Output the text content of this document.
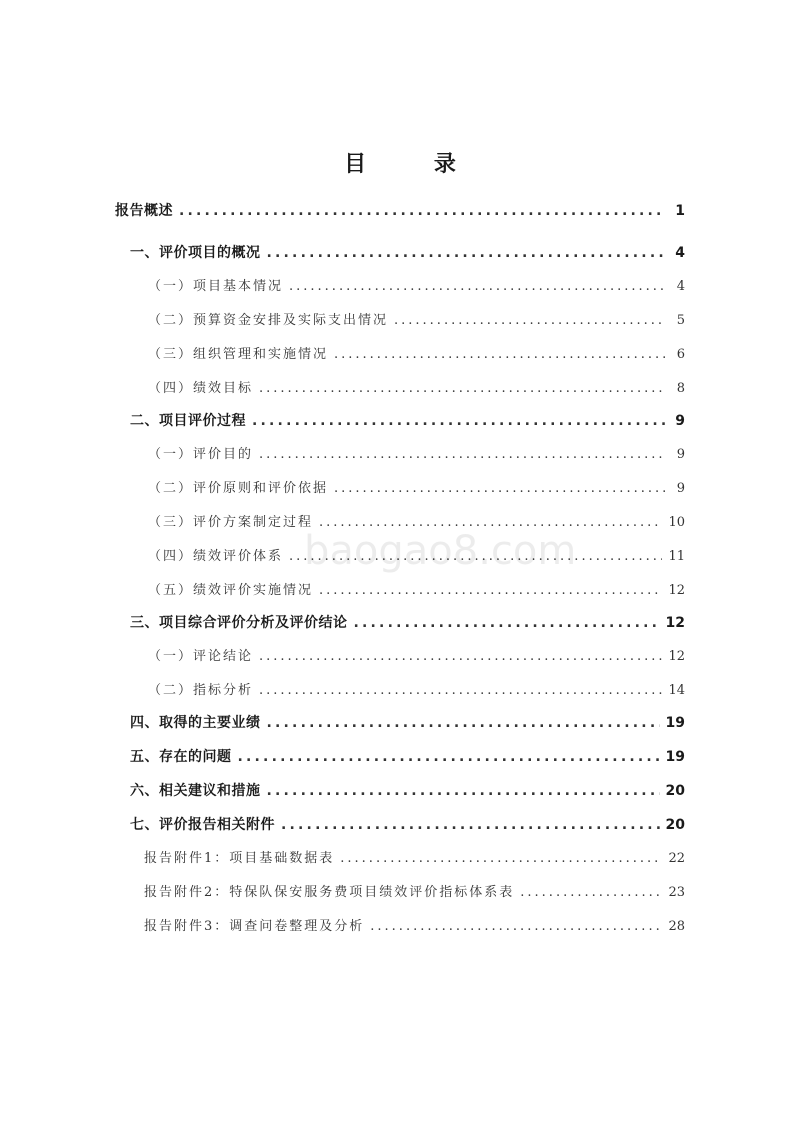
目 录
报告概述 .....	1
一、评价项目的概况 .....	4
（一）项目基本情况 .....	4
（二）预算资金安排及实际支出情况 .....	5
（三）组织管理和实施情况 .....	6
（四）绩效目标 .....	8
二、项目评价过程 .....	9
（一）评价目的 .....	9
（二）评价原则和评价依据 .....	9
（三）评价方案制定过程 .....	10
（四）绩效评价体系 .....	11
（五）绩效评价实施情况 .....	12
三、项目综合评价分析及评价结论 .....	12
（一）评论结论 .....	12
（二）指标分析 .....	14
四、取得的主要业绩 .....	19
五、存在的问题 .....	19
六、相关建议和措施 .....	20
七、评价报告相关附件 .....	20
报告附件1：项目基础数据表 .....	22
报告附件2：特保队保安服务费项目绩效评价指标体系表 .....	23
报告附件3：调查问卷整理及分析 .....	28
baogao8.com
